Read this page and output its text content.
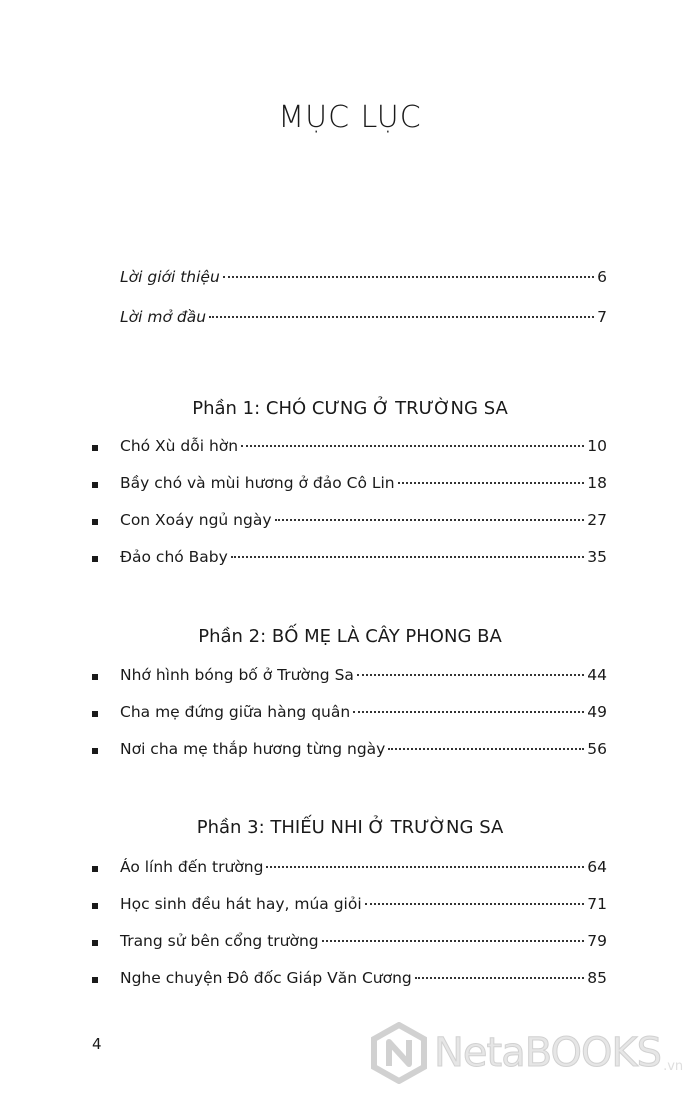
MỤC LỤC
Lời giới thiệu	6
Lời mở đầu	7
Phần 1: CHÓ CƯNG Ở TRƯỜNG SA
Chó Xù dỗi hờn	10
Bầy chó và mùi hương ở đảo Cô Lin	18
Con Xoáy ngủ ngày	27
Đảo chó Baby	35
Phần 2: BỐ MẸ LÀ CÂY PHONG BA
Nhớ hình bóng bố ở Trường Sa	44
Cha mẹ đứng giữa hàng quân	49
Nơi cha mẹ thắp hương từng ngày	56
Phần 3: THIẾU NHI Ở TRƯỜNG SA
Áo lính đến trường	64
Học sinh đều hát hay, múa giỏi	71
Trang sử bên cổng trường	79
Nghe chuyện Đô đốc Giáp Văn Cương	85
4	NetaBOOKS .vn
